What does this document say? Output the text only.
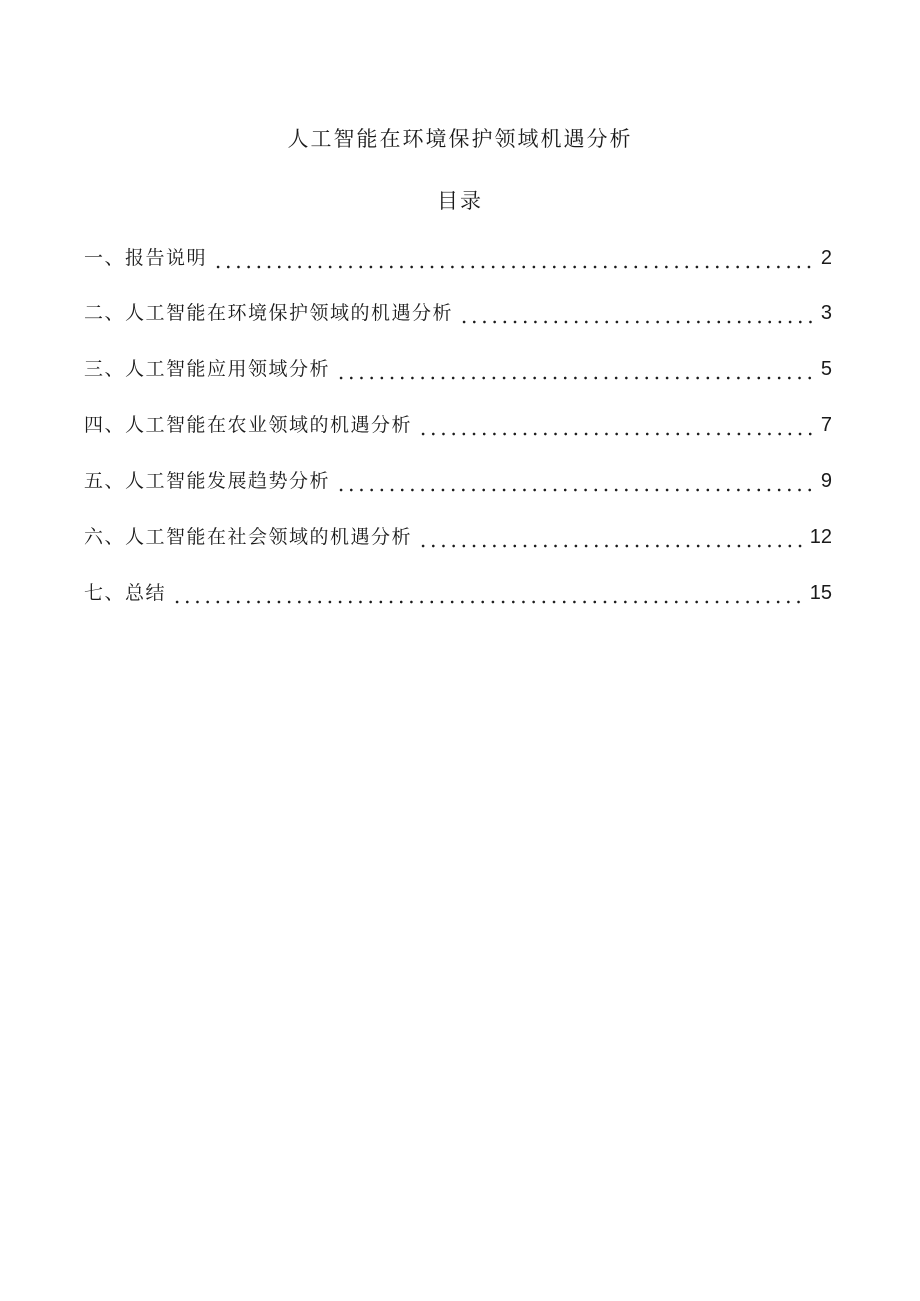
人工智能在环境保护领域机遇分析
目录
一、报告说明	2
二、人工智能在环境保护领域的机遇分析	3
三、人工智能应用领域分析	5
四、人工智能在农业领域的机遇分析	7
五、人工智能发展趋势分析	9
六、人工智能在社会领域的机遇分析	12
七、总结	15
